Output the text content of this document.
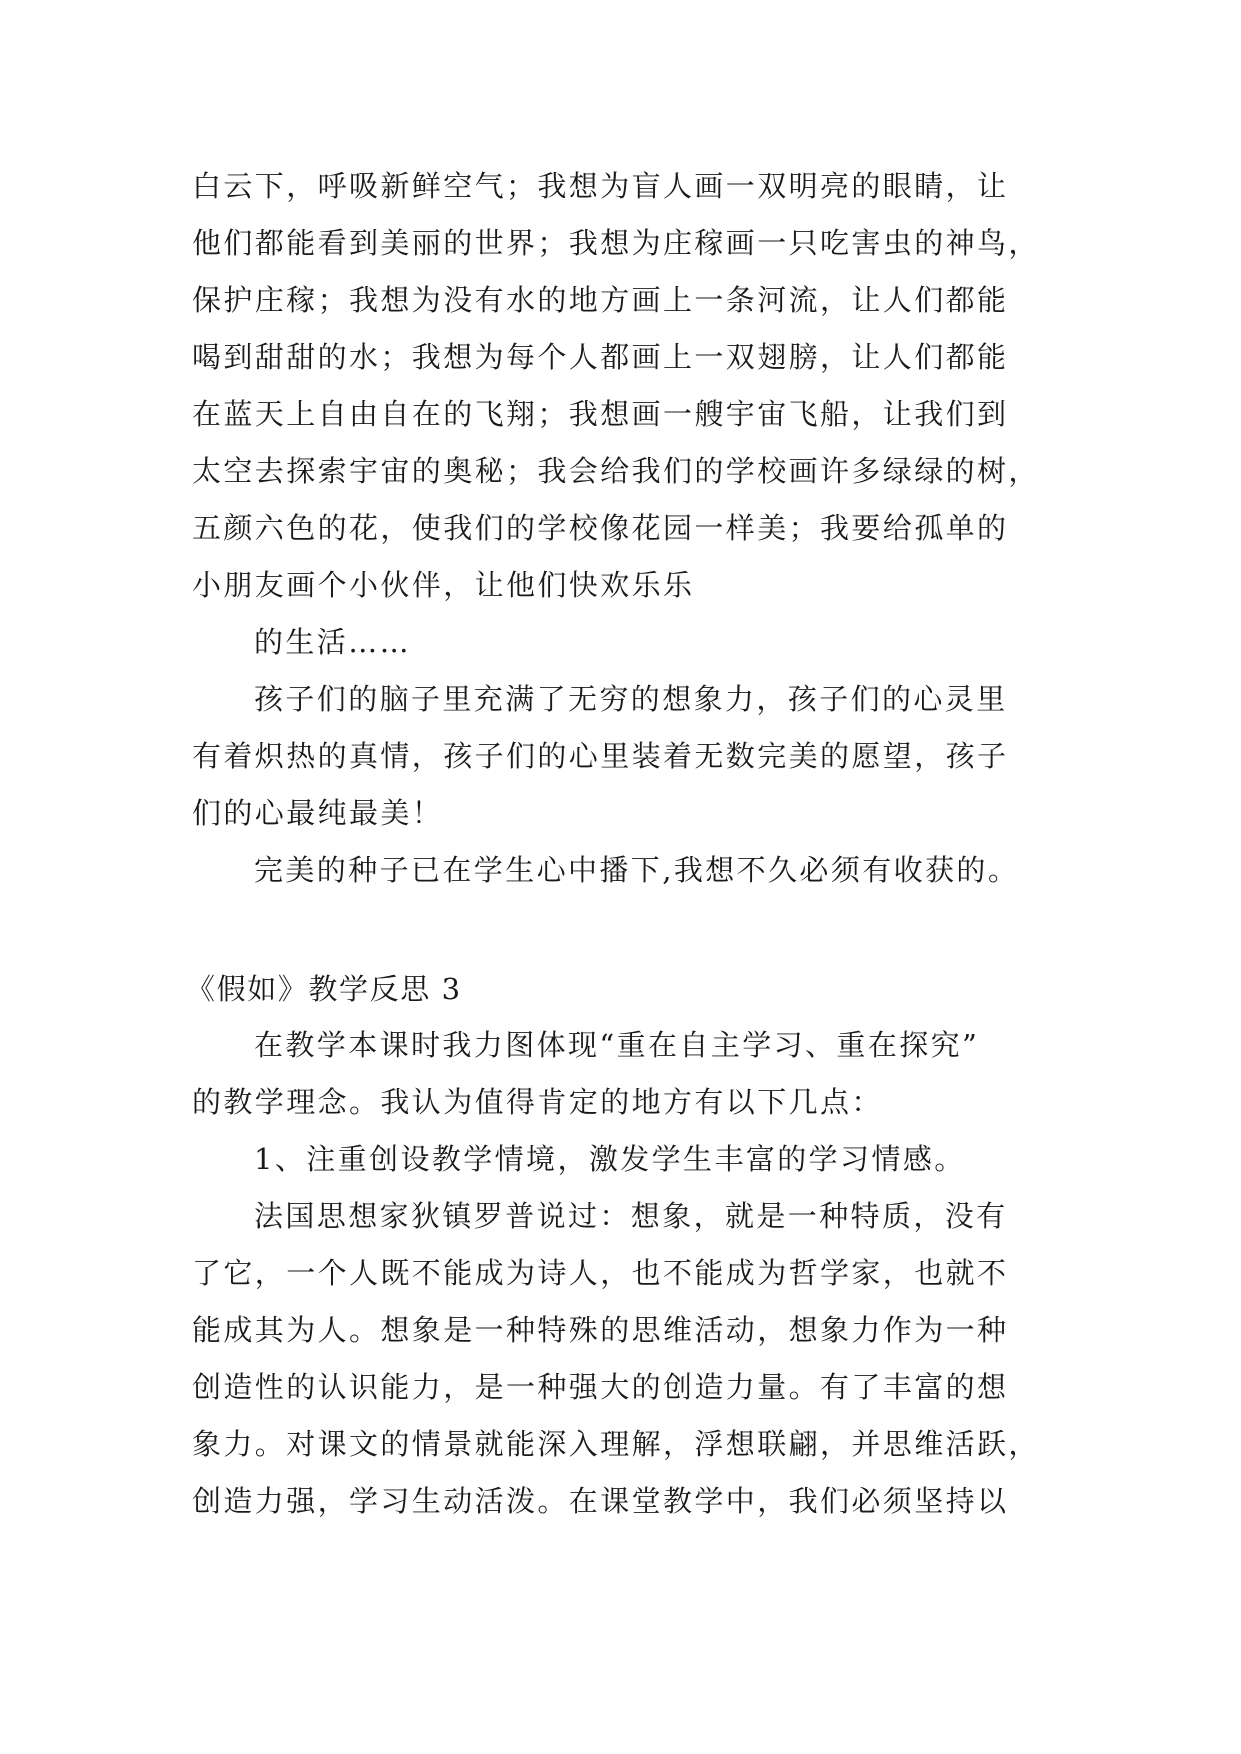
白云下，呼吸新鲜空气；我想为盲人画一双明亮的眼睛，让
他们都能看到美丽的世界；我想为庄稼画一只吃害虫的神鸟，
保护庄稼；我想为没有水的地方画上一条河流，让人们都能
喝到甜甜的水；我想为每个人都画上一双翅膀，让人们都能
在蓝天上自由自在的飞翔；我想画一艘宇宙飞船，让我们到
太空去探索宇宙的奥秘；我会给我们的学校画许多绿绿的树，
五颜六色的花，使我们的学校像花园一样美；我要给孤单的
小朋友画个小伙伴，让他们快欢乐乐
的生活……
孩子们的脑子里充满了无穷的想象力，孩子们的心灵里
有着炽热的真情，孩子们的心里装着无数完美的愿望，孩子
们的心最纯最美！
完美的种子已在学生心中播下,我想不久必须有收获的。
《假如》教学反思 3
在教学本课时我力图体现“重在自主学习、重在探究”
的教学理念。我认为值得肯定的地方有以下几点：
1、注重创设教学情境，激发学生丰富的学习情感。
法国思想家狄镇罗普说过：想象，就是一种特质，没有
了它，一个人既不能成为诗人，也不能成为哲学家，也就不
能成其为人。想象是一种特殊的思维活动，想象力作为一种
创造性的认识能力，是一种强大的创造力量。有了丰富的想
象力。对课文的情景就能深入理解，浮想联翩，并思维活跃，
创造力强，学习生动活泼。在课堂教学中，我们必须坚持以
